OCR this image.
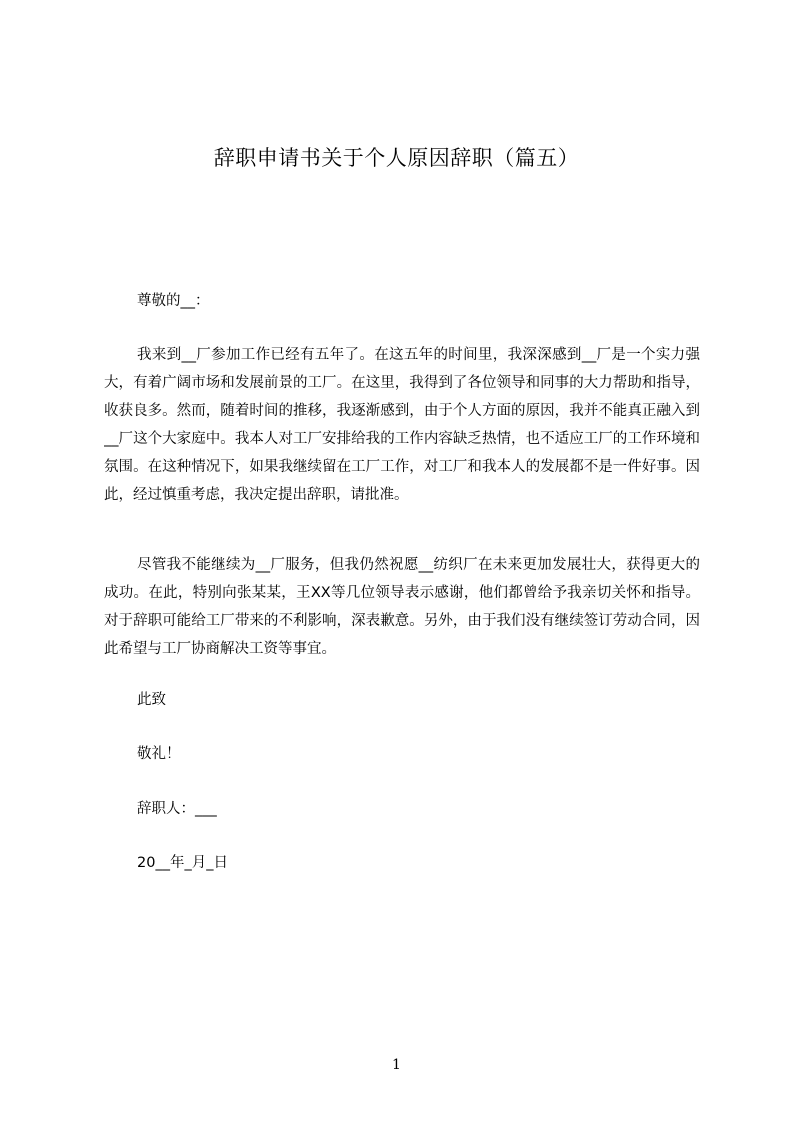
辞职申请书关于个人原因辞职（篇五）
尊敬的__：
我来到__厂参加工作已经有五年了。在这五年的时间里，我深深感到__厂是一个实力强大，有着广阔市场和发展前景的工厂。在这里，我得到了各位领导和同事的大力帮助和指导，收获良多。然而，随着时间的推移，我逐渐感到，由于个人方面的原因，我并不能真正融入到__厂这个大家庭中。我本人对工厂安排给我的工作内容缺乏热情，也不适应工厂的工作环境和氛围。在这种情况下，如果我继续留在工厂工作，对工厂和我本人的发展都不是一件好事。因此，经过慎重考虑，我决定提出辞职，请批准。
尽管我不能继续为__厂服务，但我仍然祝愿__纺织厂在未来更加发展壮大，获得更大的成功。在此，特别向张某某，王XX等几位领导表示感谢，他们都曾给予我亲切关怀和指导。对于辞职可能给工厂带来的不利影响，深表歉意。另外，由于我们没有继续签订劳动合同，因此希望与工厂协商解决工资等事宜。
此致
敬礼！
辞职人：___
20__年_月_日
1
